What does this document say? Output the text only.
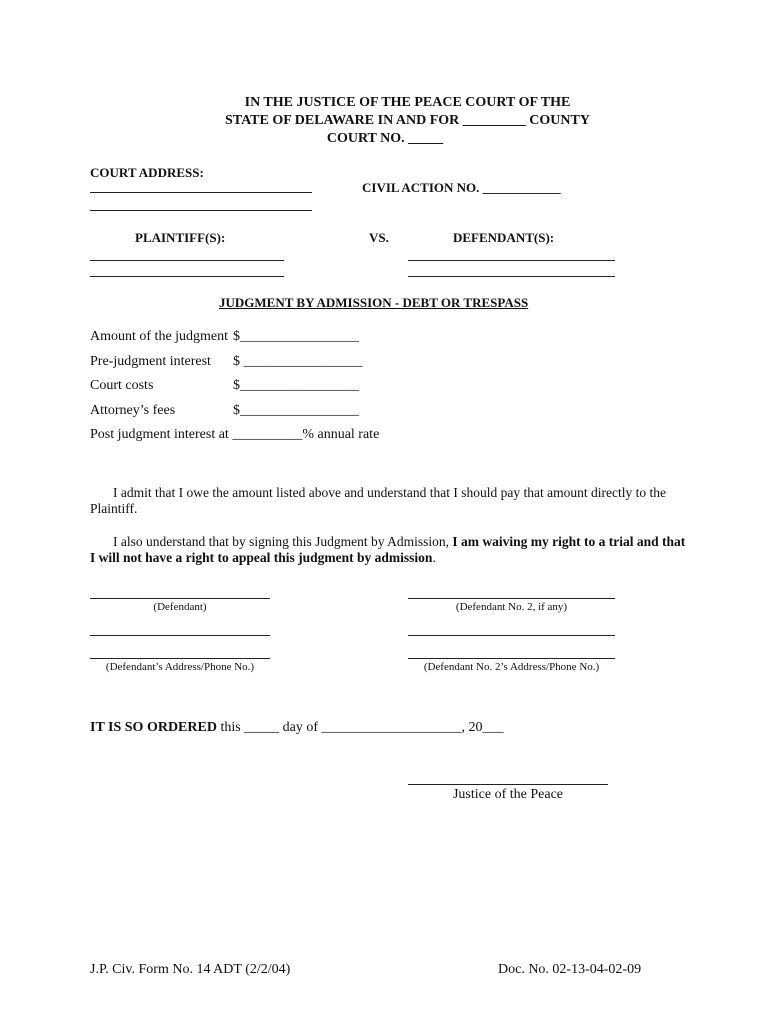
IN THE JUSTICE OF THE PEACE COURT OF THE
STATE OF DELAWARE IN AND FOR _________ COUNTY
COURT NO. _____
COURT ADDRESS:
CIVIL ACTION NO. ____________
PLAINTIFF(S):	VS.	DEFENDANT(S):
JUDGMENT BY ADMISSION - DEBT OR TRESPASS
Amount of the judgment $_________________
Pre-judgment interest $ _________________
Court costs	$_________________
Attorney’s fees	$_________________
Post judgment interest at __________% annual rate
I admit that I owe the amount listed above and understand that I should pay that amount directly to the Plaintiff.
I also understand that by signing this Judgment by Admission, I am waiving my right to a trial and that I will not have a right to appeal this judgment by admission.
(Defendant)	(Defendant No. 2, if any)
(Defendant’s Address/Phone No.)	(Defendant No. 2’s Address/Phone No.)
IT IS SO ORDERED this _____ day of ____________________, 20___
Justice of the Peace
J.P. Civ. Form No. 14 ADT (2/2/04)	Doc. No. 02-13-04-02-09
